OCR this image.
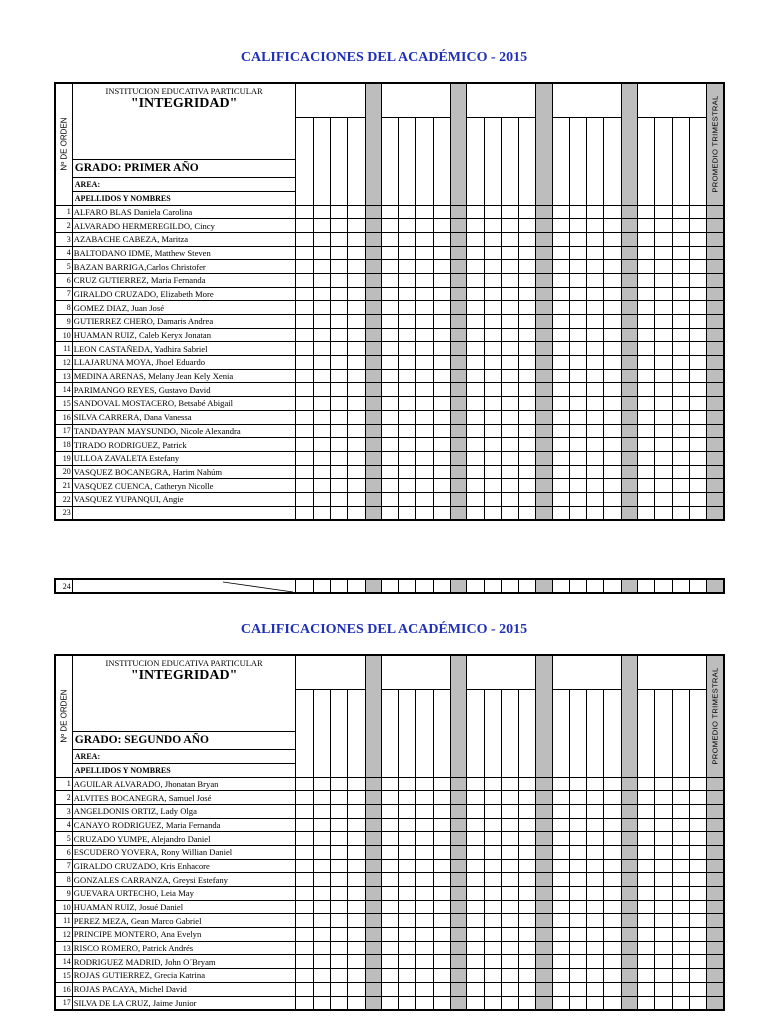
CALIFICACIONES DEL ACADÉMICO - 2015
Nº DE ORDEN	INSTITUCION EDUCATIVA PARTICULAR
"INTEGRIDAD"																									PROMEDIO TRIMESTRAL

	GRADO: PRIMER AÑO																									
	AREA:																									
	APELLIDOS Y NOMBRES																									
1	ALFARO BLAS Daniela Carolina																									
2	ALVARADO HERMEREGILDO, Cincy																									
3	AZABACHE CABEZA, Maritza																									
4	BALTODANO IDME, Matthew Steven																									
5	BAZAN BARRIGA,Carlos Christofer																									
6	CRUZ GUTIERREZ, Maria Fernanda																									
7	GIRALDO CRUZADO, Elizabeth More																									
8	GOMEZ DIAZ, Juan José																									
9	GUTIERREZ CHERO, Damaris Andrea																									
10	HUAMAN RUIZ, Caleb Keryx Jonatan																									
11	LEON CASTAÑEDA, Yadhira Sabriel																									
12	LLAJARUNA MOYA, Jhoel Eduardo																									
13	MEDINA ARENAS, Melany Jean Kely Xenia																									
14	PARIMANGO REYES, Gustavo David																									
15	SANDOVAL MOSTACERO, Betsabé Abigail																									
16	SILVA CARRERA, Dana Vanessa																									
17	TANDAYPAN MAYSUNDO, Nicole Alexandra																									
18	TIRADO RODRIGUEZ, Patrick																									
19	ULLOA ZAVALETA Estefany																									
20	VASQUEZ BOCANEGRA, Harim Nahúm																									
21	VASQUEZ CUENCA, Catheryn Nicolle																									
22	VASQUEZ YUPANQUI, Angie																									
23																										
24	

CALIFICACIONES DEL ACADÉMICO - 2015
Nº DE ORDEN	INSTITUCION EDUCATIVA PARTICULAR
"INTEGRIDAD"																									PROMEDIO TRIMESTRAL

	GRADO: SEGUNDO AÑO																									
	AREA:																									
	APELLIDOS Y NOMBRES																									
1	AGUILAR ALVARADO, Jhonatan Bryan																									
2	ALVITES BOCANEGRA, Samuel José																									
3	ANGELDONIS ORTIZ, Lady Olga																									
4	CANAYO RODRIGUEZ, Maria Fernanda																									
5	CRUZADO YUMPE, Alejandro Daniel																									
6	ESCUDERO YOVERA, Rony Willian Daniel																									
7	GIRALDO CRUZADO, Kris Enhacore																									
8	GONZALES CARRANZA, Greysi Estefany																									
9	GUEVARA URTECHO, Leia May																									
10	HUAMAN RUIZ, Josué Daniel																									
11	PEREZ MEZA, Gean Marco Gabriel																									
12	PRINCIPE MONTERO, Ana Evelyn																									
13	RISCO ROMERO, Patrick Andrés																									
14	RODRIGUEZ MADRID, John O´Bryam																									
15	ROJAS GUTIERREZ, Grecia Katrina																									
16	ROJAS PACAYA, Michel David																									
17	SILVA DE LA CRUZ, Jaime Junior																									
